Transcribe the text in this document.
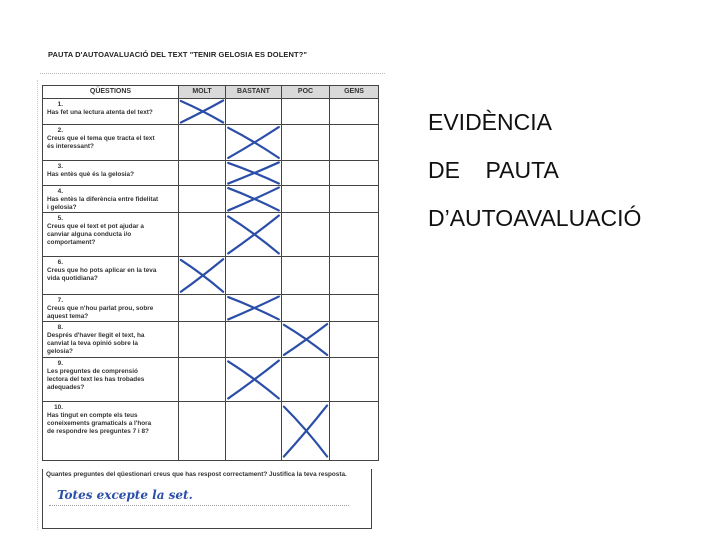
PAUTA D'AUTOAVALUACIÓ DEL TEXT "TENIR GELOSIA ES DOLENT?"
QÜESTIONS	MOLT	BASTANT	POC	GENS
1.Has fet una lectura atenta del text?	

2.Creus que el tema que tracta el text és interessant?		

3.Has entès què és la gelosia?		

4.Has entès la diferència entre fidelitat i gelosia?		

5.Creus que el text et pot ajudar a canviar alguna conducta i/o comportament?		

6.Creus que ho pots aplicar en la teva vida quotidiana?	

7.Creus que n'hou parlat prou, sobre aquest tema?		

8.Després d'haver llegit el text, ha canviat la teva opinió sobre la gelosia?			

9.Les preguntes de comprensió lectora del text les has trobades adequades?		

10.Has tingut en compte els teus coneixements gramaticals a l'hora de respondre les preguntes 7 i 8?			

Quantes preguntes del qüestionari creus que has respost correctament? Justifica la teva resposta.
Totes excepte la set.
EVIDÈNCIA
DE    PAUTA
D’AUTOAVALUACIÓ
